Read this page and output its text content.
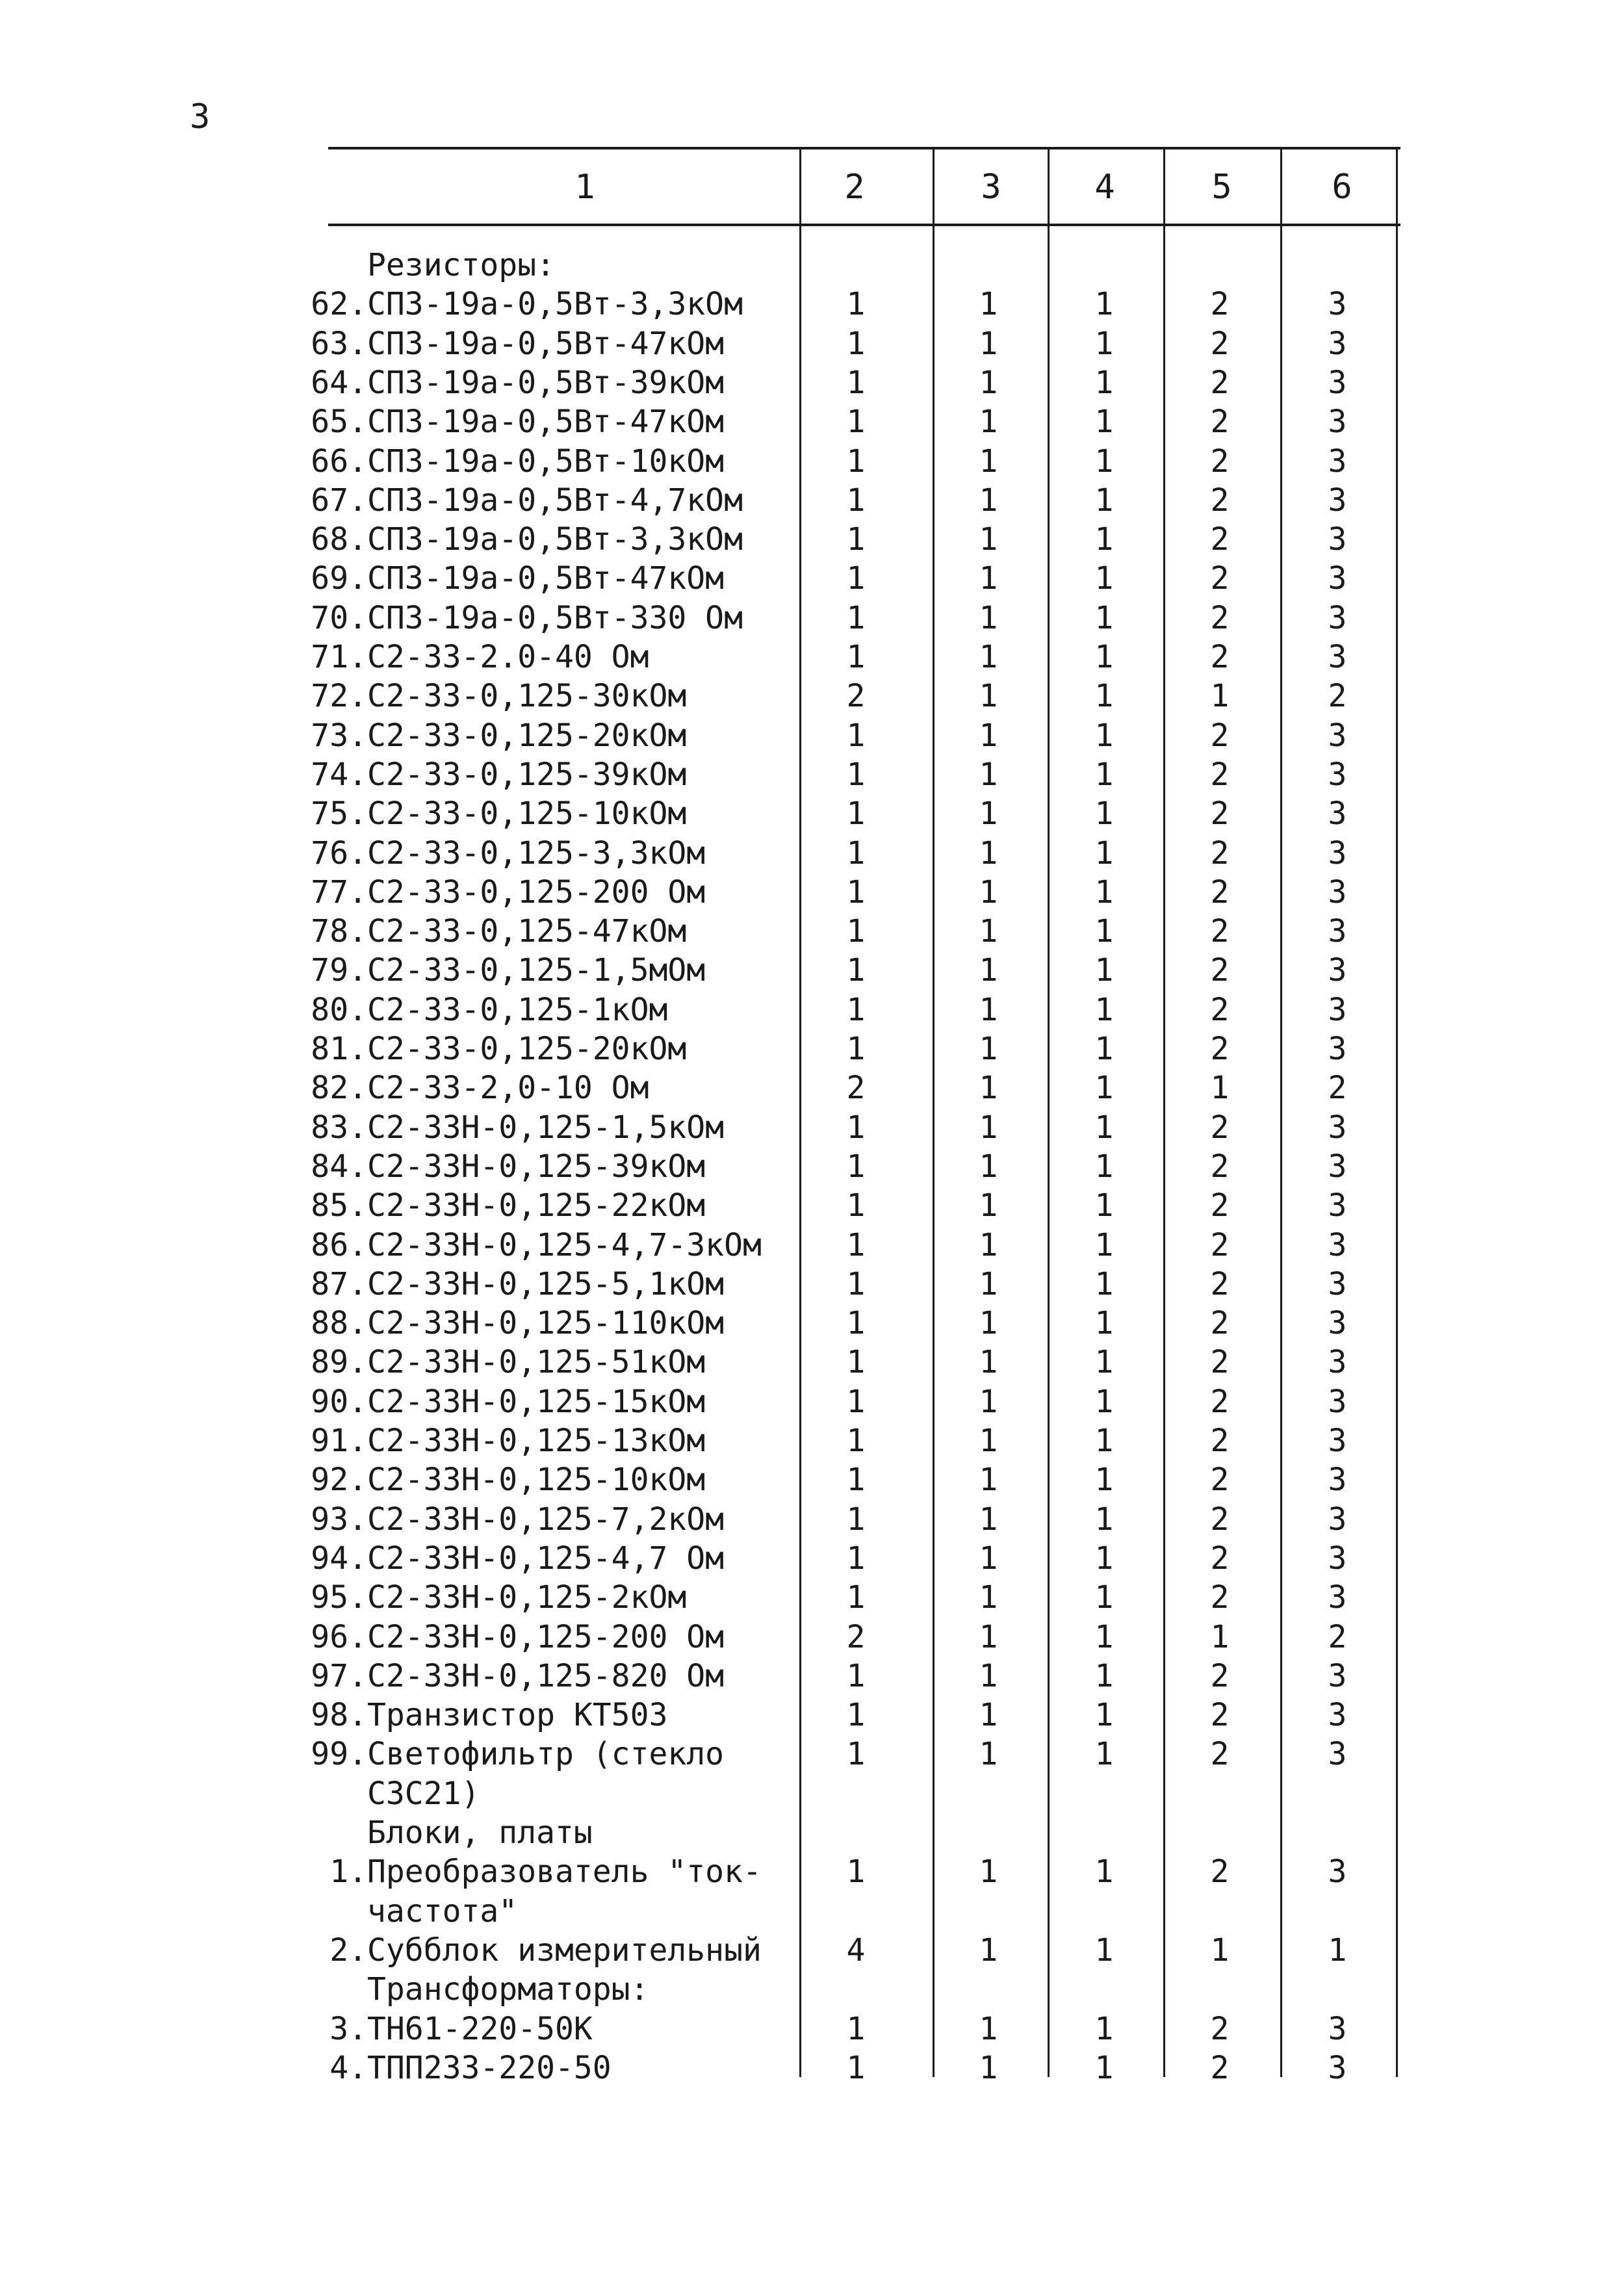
3
1	2	3	4	5	6
Резисторы:
62. СП3-19а-0,5Вт-3,3кОм	1	1	1	2	3
63. СП3-19а-0,5Вт-47кОм	1	1	1	2	3
64. СП3-19а-0,5Вт-39кОм	1	1	1	2	3
65. СП3-19а-0,5Вт-47кОм	1	1	1	2	3
66. СП3-19а-0,5Вт-10кОм	1	1	1	2	3
67. СП3-19а-0,5Вт-4,7кОм	1	1	1	2	3
68. СП3-19а-0,5Вт-3,3кОм	1	1	1	2	3
69. СП3-19а-0,5Вт-47кОм	1	1	1	2	3
70. СП3-19а-0,5Вт-330 Ом	1	1	1	2	3
71. С2-33-2.0-40 Ом	1	1	1	2	3
72. С2-33-0,125-30кОм	2	1	1	1	2
73. С2-33-0,125-20кОм	1	1	1	2	3
74. С2-33-0,125-39кОм	1	1	1	2	3
75. С2-33-0,125-10кОм	1	1	1	2	3
76. С2-33-0,125-3,3кОм	1	1	1	2	3
77. С2-33-0,125-200 Ом	1	1	1	2	3
78. С2-33-0,125-47кОм	1	1	1	2	3
79. С2-33-0,125-1,5мОм	1	1	1	2	3
80. С2-33-0,125-1кОм	1	1	1	2	3
81. С2-33-0,125-20кОм	1	1	1	2	3
82. С2-33-2,0-10 Ом	2	1	1	1	2
83. С2-33Н-0,125-1,5кОм	1	1	1	2	3
84. С2-33Н-0,125-39кОм	1	1	1	2	3
85. С2-33Н-0,125-22кОм	1	1	1	2	3
86. С2-33Н-0,125-4,7-3кОм	1	1	1	2	3
87. С2-33Н-0,125-5,1кОм	1	1	1	2	3
88. С2-33Н-0,125-110кОм	1	1	1	2	3
89. С2-33Н-0,125-51кОм	1	1	1	2	3
90. С2-33Н-0,125-15кОм	1	1	1	2	3
91. С2-33Н-0,125-13кОм	1	1	1	2	3
92. С2-33Н-0,125-10кОм	1	1	1	2	3
93. С2-33Н-0,125-7,2кОм	1	1	1	2	3
94. С2-33Н-0,125-4,7 Ом	1	1	1	2	3
95. С2-33Н-0,125-2кОм	1	1	1	2	3
96. С2-33Н-0,125-200 Ом	2	1	1	1	2
97. С2-33Н-0,125-820 Ом	1	1	1	2	3
98. Транзистор КТ503	1	1	1	2	3
99. Светофильтр (стекло	1	1	1	2	3
СЗС21)
Блоки, платы
1. Преобразователь "ток-	1	1	1	2	3
частота"
2. Субблок измерительный	4	1	1	1	1
Трансформаторы:
3. ТН61-220-50К	1	1	1	2	3
4. ТПП233-220-50	1	1	1	2	3
